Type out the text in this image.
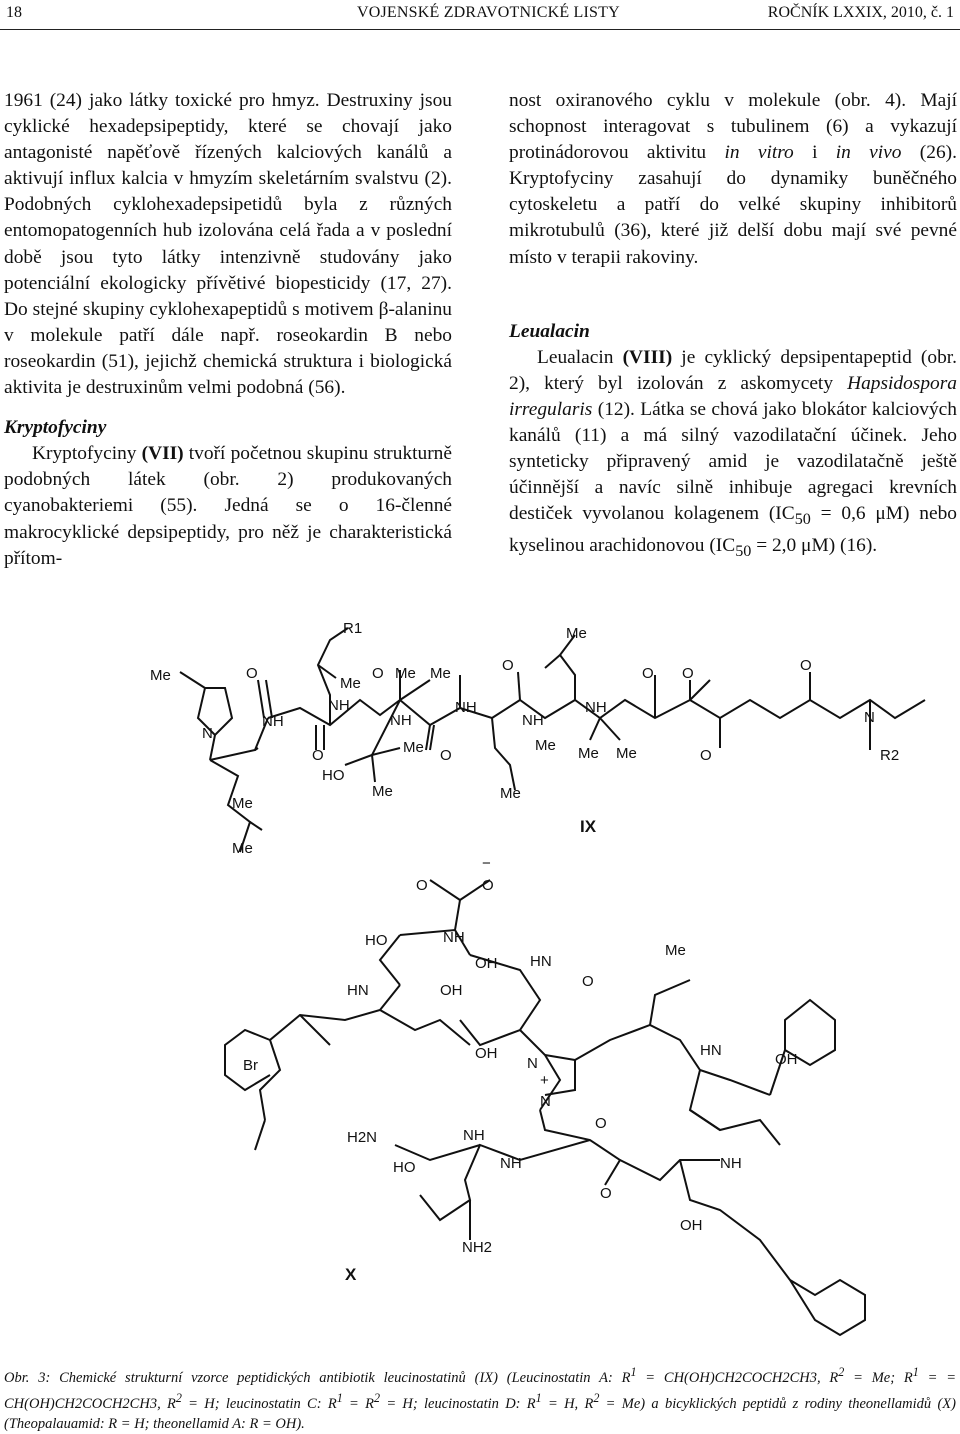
18	VOJENSKÉ ZDRAVOTNICKÉ LISTY	ROČNÍK LXXIX, 2010, č. 1

1961 (24) jako látky toxické pro hmyz. Destruxiny jsou cyklické hexadepsipeptidy, které se chovají jako antagonisté napěťově řízených kalciových kanálů a aktivují influx kalcia v hmyzím skeletárním svalstvu (2). Podobných cyklohexadepsipetidů byla z různých entomopatogenních hub izolována celá řada a v poslední době jsou tyto látky intenzivně studovány jako potenciální ekologicky přívětivé biopesticidy (17, 27). Do stejné skupiny cyklohexapeptidů s motivem β-alaninu v molekule patří dále např. roseokardin B nebo roseokardin (51), jejichž chemická struktura i biologická aktivita je destruxinům velmi podobná (56).

Kryptofyciny

Kryptofyciny (VII) tvoří početnou skupinu strukturně podobných látek (obr. 2) produkovaných cyanobakteriemi (55). Jedná se o 16-členné makrocyklické depsipeptidy, pro něž je charakteristická přítom-

nost oxiranového cyklu v molekule (obr. 4). Mají schopnost interagovat s tubulinem (6) a vykazují protinádorovou aktivitu in vitro i in vivo (26). Kryptofyciny zasahují do dynamiky buněčného cytoskeletu a patří do velké skupiny inhibitorů mikrotubulů (36), které již delší dobu mají své pevné místo v terapii rakoviny.

Leualacin

Leualacin (VIII) je cyklický depsipentapeptid (obr. 2), který byl izolován z askomycety Hapsidospora irregularis (12). Látka se chová jako blokátor kalciových kanálů (11) a má silný vazodilatační účinek. Jeho synteticky připravený amid je vazodilatačně ještě účinnější a navíc silně inhibuje agregaci krevních destiček vyvolanou kolagenem ($IC_{50} = 0,6$ μM) nebo kyselinou arachidonovou ($IC_{50} = 2,0$ μM) (16).

Me
N
Me
Me
O
NH
O
R1
Me
NH
O Me Me
NH
Me
HO
Me
O
NH
O
Me
NH
Me
Me
NH
Me Me
O O
O
O
N
R2
IX
O
−
O
HO	NH
HN
OH HN
OH
OH
O
N
+
N
Br
Me
HN
OH
H2N	NH
HO	NH	NH
O
O
OH
NH2
X
Obr. 3: Chemické strukturní vzorce peptidických antibiotik leucinostatinů (IX) (Leucinostatin A: $R^1$ = CH(OH)CH2COCH2CH3, $R^2 = Me$; $R^1$ = = CH(OH)CH2COCH2CH3, $R^2 = H$; leucinostatin C: $R^1 = R^2 = H$; leucinostatin D: $R^1 = H$, $R^2 = Me$) a bicyklických peptidů z rodiny theonellamidů (X) (Theopalauamid: R = H; theonellamid A: R = OH).
